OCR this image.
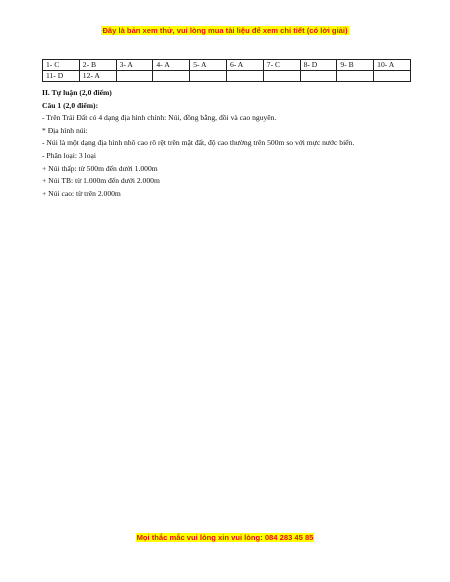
Đây là bản xem thử, vui lòng mua tài liệu để xem chi tiết (có lời giải)
1- C	2- B	3- A	4- A	5- A	6- A	7- C	8- D	9- B	10- A
11- D	12- A								
II. Tự luận (2,0 điểm)
Câu 1 (2,0 điểm):
- Trên Trái Đất có 4 dạng địa hình chính: Núi, đồng bằng, đồi và cao nguyên.
* Địa hình núi:
- Núi là một dạng địa hình nhô cao rõ rệt trên mặt đất, độ cao thường trên 500m so với mực nước biển.
- Phân loại: 3 loại
+ Núi thấp: từ 500m đến dưới 1.000m
+ Núi TB: từ 1.000m đến dưới 2.000m
+ Núi cao: từ trên 2.000m
Mọi thắc mắc vui lòng xin vui lòng: 084 283 45 85
